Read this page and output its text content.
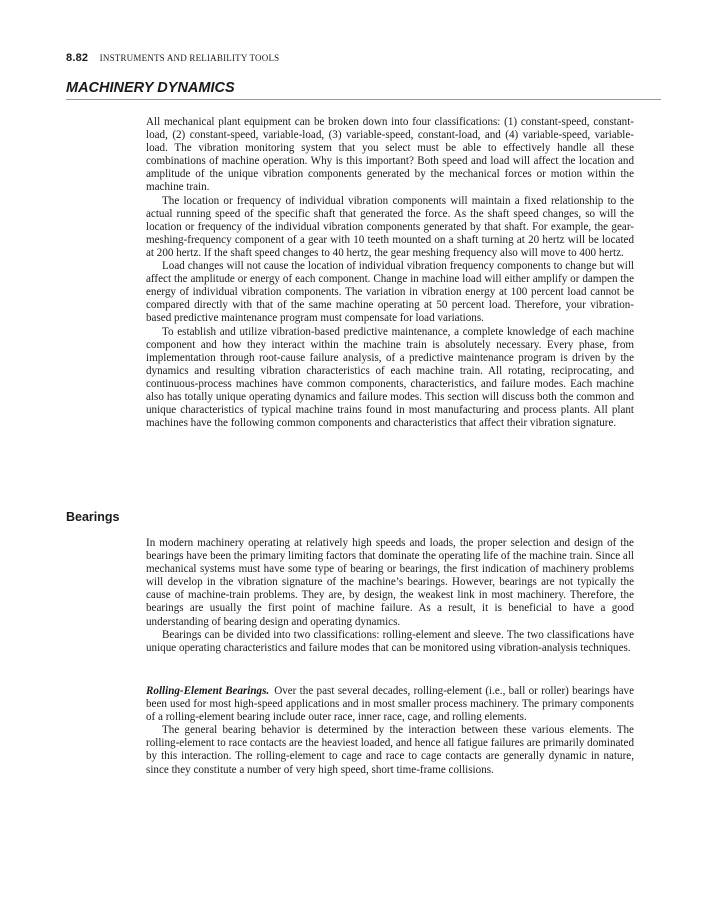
8.82 INSTRUMENTS AND RELIABILITY TOOLS
MACHINERY DYNAMICS

All mechanical plant equipment can be broken down into four classifications: (1) constant-speed, constant-load, (2) constant-speed, variable-load, (3) variable-speed, constant-load, and (4) variable-speed, variable-load. The vibration monitoring system that you select must be able to effectively handle all these combinations of machine operation. Why is this important? Both speed and load will affect the location and amplitude of the unique vibration components generated by the mechanical forces or motion within the machine train.

The location or frequency of individual vibration components will maintain a fixed relationship to the actual running speed of the specific shaft that generated the force. As the shaft speed changes, so will the location or frequency of the individual vibration components generated by that shaft. For example, the gear-meshing-frequency component of a gear with 10 teeth mounted on a shaft turning at 20 hertz will be located at 200 hertz. If the shaft speed changes to 40 hertz, the gear meshing frequency also will move to 400 hertz.

Load changes will not cause the location of individual vibration frequency components to change but will affect the amplitude or energy of each component. Change in machine load will either amplify or dampen the energy of individual vibration components. The variation in vibration energy at 100 percent load cannot be compared directly with that of the same machine operating at 50 percent load. Therefore, your vibration-based predictive maintenance program must compensate for load variations.

To establish and utilize vibration-based predictive maintenance, a complete knowledge of each machine component and how they interact within the machine train is absolutely necessary. Every phase, from implementation through root-cause failure analysis, of a predictive maintenance program is driven by the dynamics and resulting vibration characteristics of each machine train. All rotating, reciprocating, and continuous-process machines have common components, characteristics, and failure modes. Each machine also has totally unique operating dynamics and failure modes. This section will discuss both the common and unique characteristics of typical machine trains found in most manufacturing and process plants. All plant machines have the following common components and characteristics that affect their vibration signature.

Bearings

In modern machinery operating at relatively high speeds and loads, the proper selection and design of the bearings have been the primary limiting factors that dominate the operating life of the machine train. Since all mechanical systems must have some type of bearing or bearings, the first indication of machinery problems will develop in the vibration signature of the machine’s bearings. However, bearings are not typically the cause of machine-train problems. They are, by design, the weakest link in most machinery. Therefore, the bearings are usually the first point of machine failure. As a result, it is beneficial to have a good understanding of bearing design and operating dynamics.

Bearings can be divided into two classifications: rolling-element and sleeve. The two classifications have unique operating characteristics and failure modes that can be monitored using vibration-analysis techniques.

Rolling-Element Bearings. Over the past several decades, rolling-element (i.e., ball or roller) bearings have been used for most high-speed applications and in most smaller process machinery. The primary components of a rolling-element bearing include outer race, inner race, cage, and rolling elements.

The general bearing behavior is determined by the interaction between these various elements. The rolling-element to race contacts are the heaviest loaded, and hence all fatigue failures are primarily dominated by this interaction. The rolling-element to cage and race to cage contacts are generally dynamic in nature, since they constitute a number of very high speed, short time-frame collisions.
